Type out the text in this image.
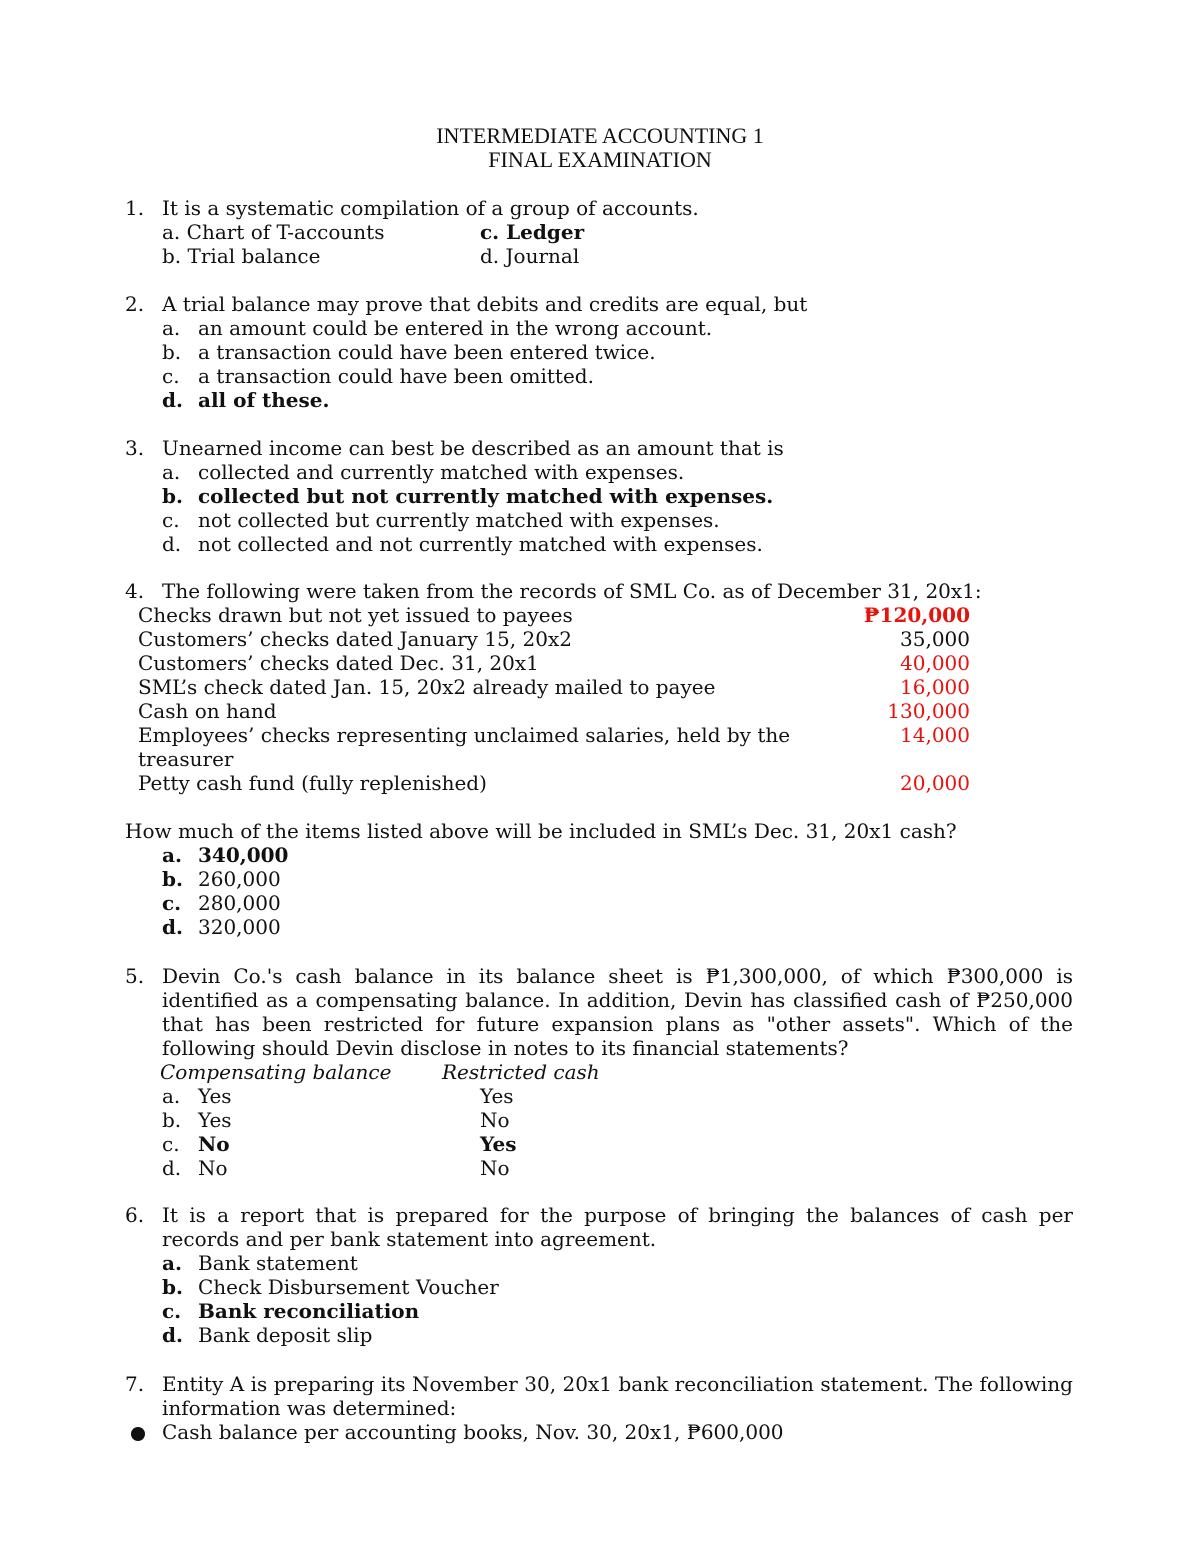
INTERMEDIATE ACCOUNTING 1
FINAL EXAMINATION
1. It is a systematic compilation of a group of accounts.
a. Chart of T-accounts	c. Ledger
b. Trial balance	d. Journal
2. A trial balance may prove that debits and credits are equal, but
a. an amount could be entered in the wrong account.
b. a transaction could have been entered twice.
c. a transaction could have been omitted.
d. all of these.
3. Unearned income can best be described as an amount that is
a. collected and currently matched with expenses.
b. collected but not currently matched with expenses.
c. not collected but currently matched with expenses.
d. not collected and not currently matched with expenses.
4. The following were taken from the records of SML Co. as of December 31, 20x1:
Checks drawn but not yet issued to payees	₱120,000
Customers’ checks dated January 15, 20x2	35,000
Customers’ checks dated Dec. 31, 20x1	40,000
SML’s check dated Jan. 15, 20x2 already mailed to payee	16,000
Cash on hand	130,000
Employees’ checks representing unclaimed salaries, held by the treasurer
14,000
Petty cash fund (fully replenished)	20,000
How much of the items listed above will be included in SML’s Dec. 31, 20x1 cash?
a. 340,000
b. 260,000
c. 280,000
d. 320,000
5. Devin Co.'s cash balance in its balance sheet is ₱1,300,000, of which ₱300,000 is identified as a compensating balance. In addition, Devin has classified cash of ₱250,000 that has been restricted for future expansion plans as "other assets". Which of the following should Devin disclose in notes to its financial statements?
Compensating balance	Restricted cash
a. Yes	Yes
b. Yes	No
c. No	Yes
d. No	No
6. It is a report that is prepared for the purpose of bringing the balances of cash per records and per bank statement into agreement.
a. Bank statement
b. Check Disbursement Voucher
c. Bank reconciliation
d. Bank deposit slip
7. Entity A is preparing its November 30, 20x1 bank reconciliation statement. The following information was determined:
Cash balance per accounting books, Nov. 30, 20x1, ₱600,000
